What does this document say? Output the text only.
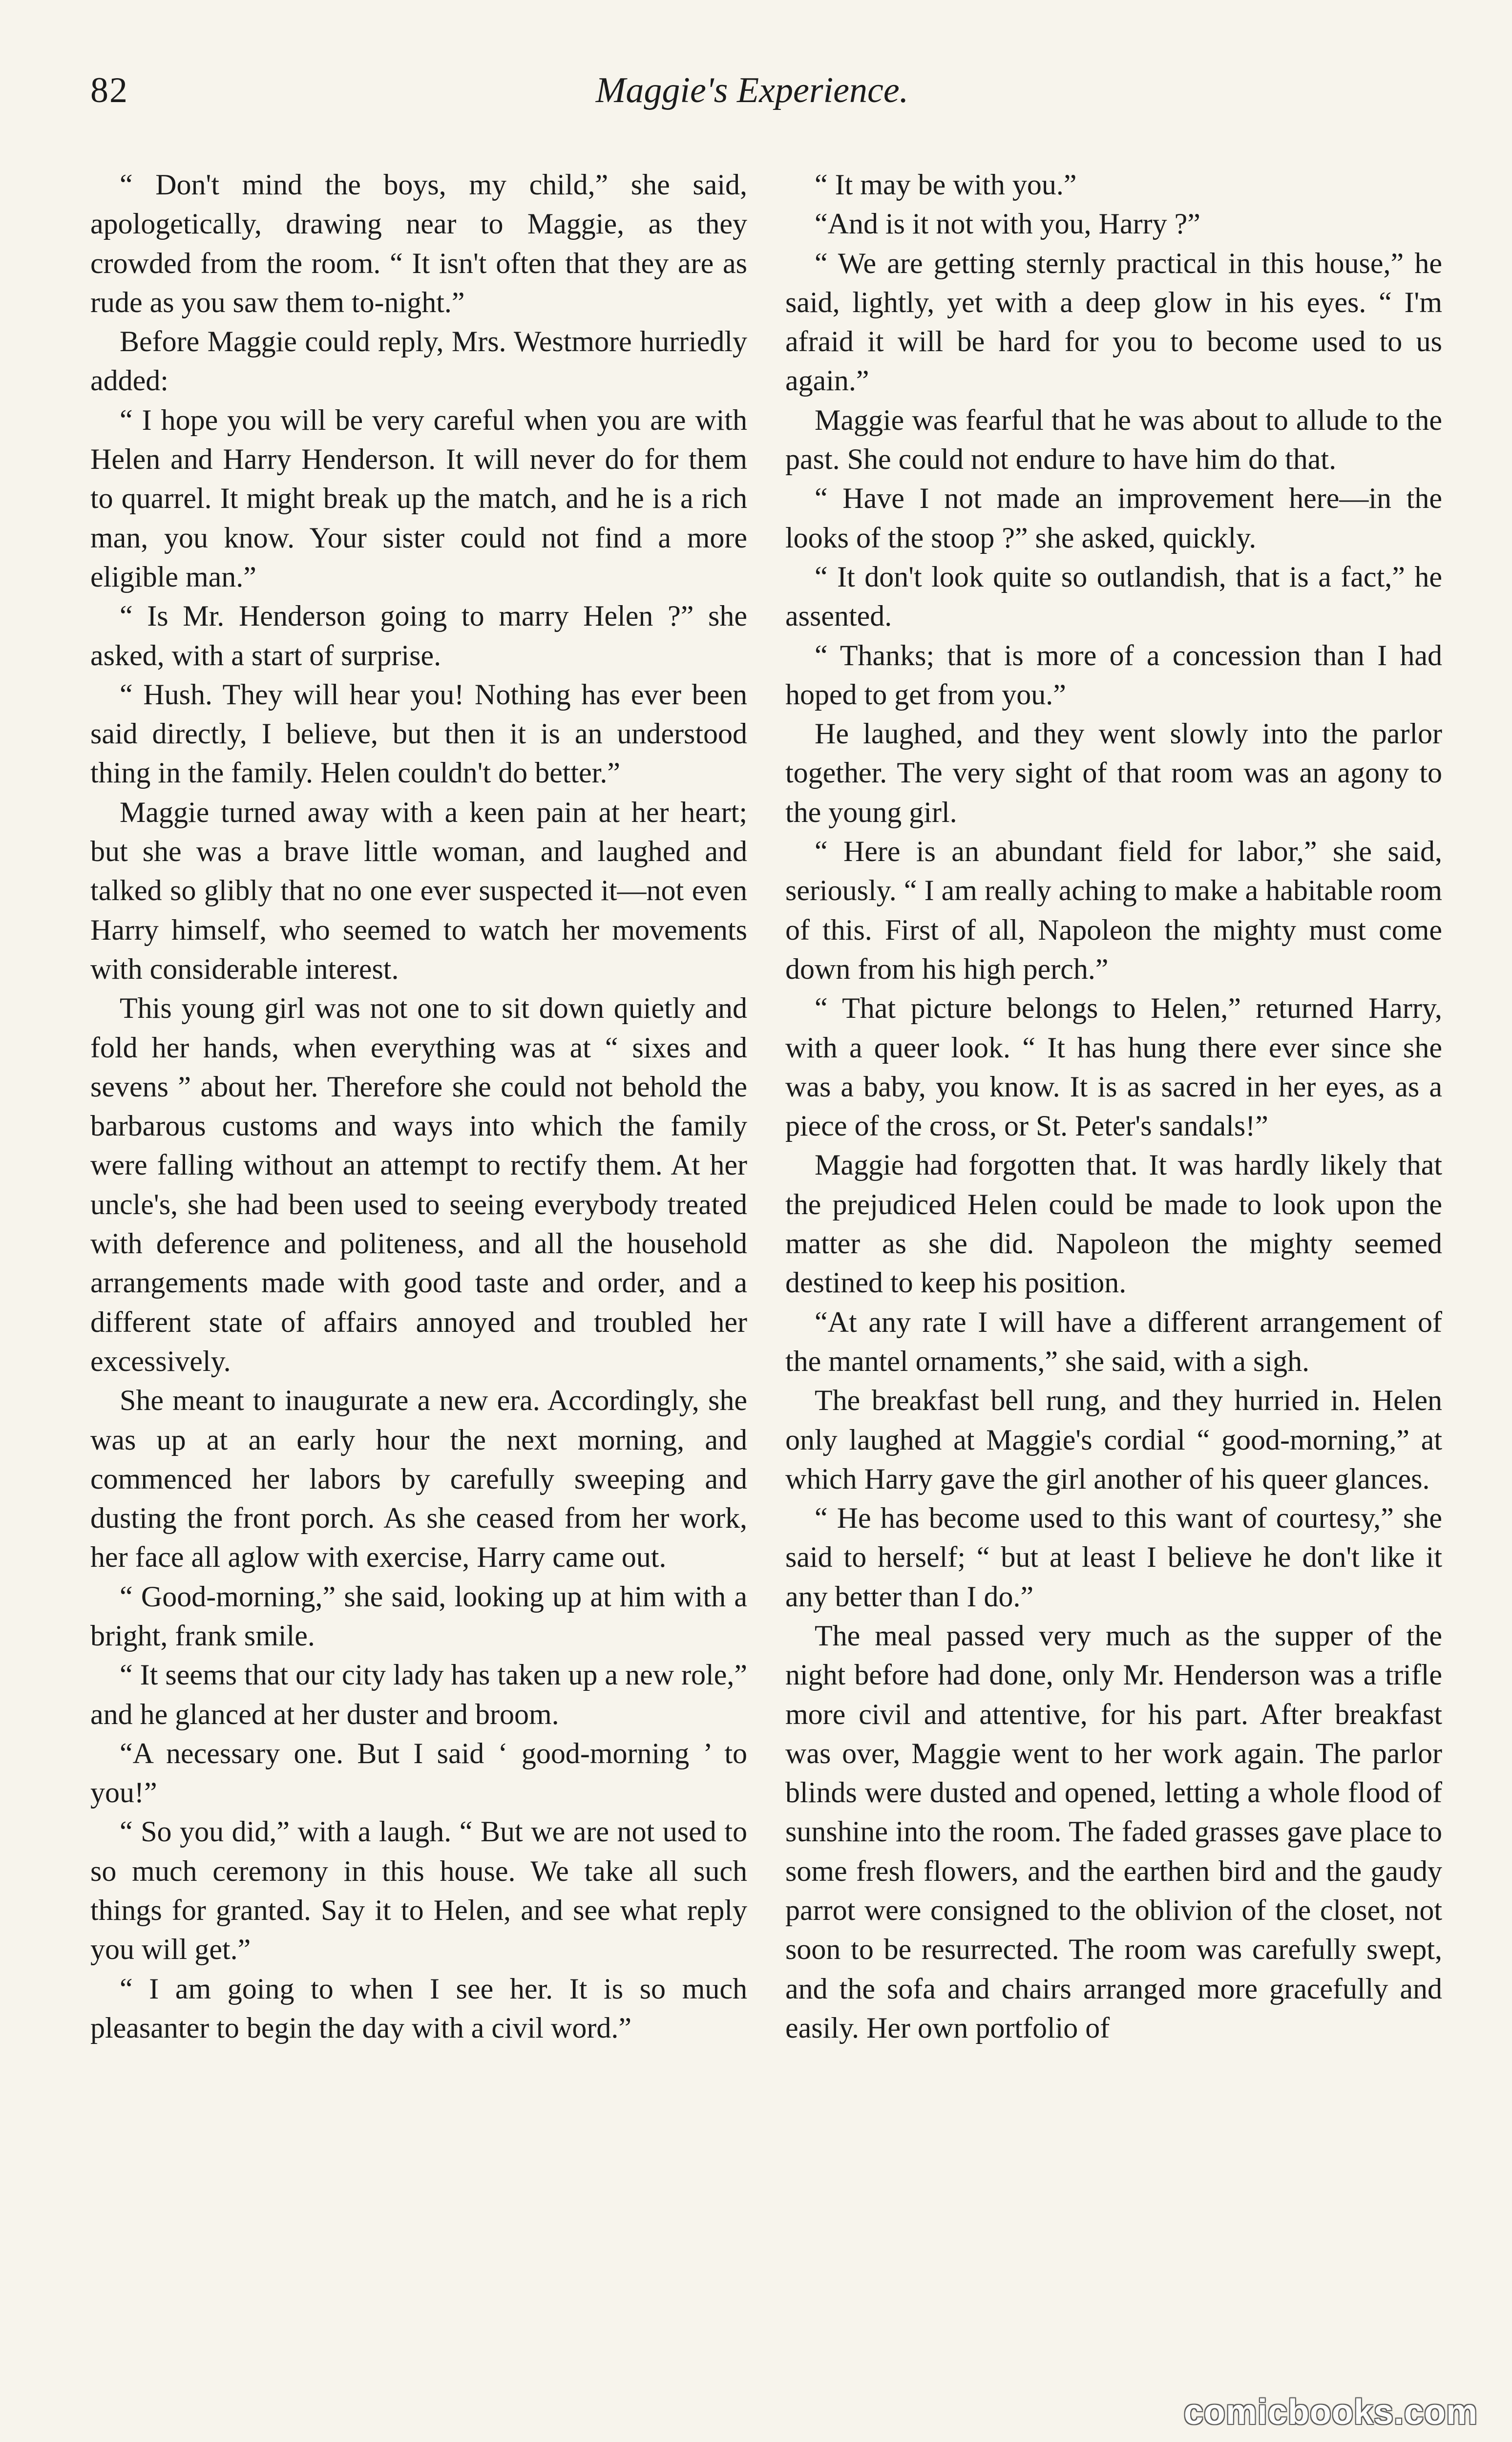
82	Maggie's Experience.

“ Don't mind the boys, my child,” she said, apologetically, drawing near to Maggie, as they crowded from the room. “ It isn't often that they are as rude as you saw them to-night.”

Before Maggie could reply, Mrs. Westmore hurriedly added:

“ I hope you will be very careful when you are with Helen and Harry Henderson. It will never do for them to quarrel. It might break up the match, and he is a rich man, you know. Your sister could not find a more eligible man.”

“ Is Mr. Henderson going to marry Helen ?” she asked, with a start of surprise.

“ Hush. They will hear you! Nothing has ever been said directly, I believe, but then it is an understood thing in the family. Helen couldn't do better.”

Maggie turned away with a keen pain at her heart; but she was a brave little woman, and laughed and talked so glibly that no one ever suspected it—not even Harry himself, who seemed to watch her movements with considerable interest.

This young girl was not one to sit down quietly and fold her hands, when everything was at “ sixes and sevens ” about her. Therefore she could not behold the barbarous customs and ways into which the family were falling without an attempt to rectify them. At her uncle's, she had been used to seeing everybody treated with deference and politeness, and all the household arrangements made with good taste and order, and a different state of affairs annoyed and troubled her excessively.

She meant to inaugurate a new era. Accordingly, she was up at an early hour the next morning, and commenced her labors by carefully sweeping and dusting the front porch. As she ceased from her work, her face all aglow with exercise, Harry came out.

“ Good-morning,” she said, looking up at him with a bright, frank smile.

“ It seems that our city lady has taken up a new role,” and he glanced at her duster and broom.

“A necessary one. But I said ‘ good-morning ’ to you!”

“ So you did,” with a laugh. “ But we are not used to so much ceremony in this house. We take all such things for granted. Say it to Helen, and see what reply you will get.”

“ I am going to when I see her. It is so much pleasanter to begin the day with a civil word.”

“ It may be with you.”

“And is it not with you, Harry ?”

“ We are getting sternly practical in this house,” he said, lightly, yet with a deep glow in his eyes. “ I'm afraid it will be hard for you to become used to us again.”

Maggie was fearful that he was about to allude to the past. She could not endure to have him do that.

“ Have I not made an improvement here—in the looks of the stoop ?” she asked, quickly.

“ It don't look quite so outlandish, that is a fact,” he assented.

“ Thanks; that is more of a concession than I had hoped to get from you.”

He laughed, and they went slowly into the parlor together. The very sight of that room was an agony to the young girl.

“ Here is an abundant field for labor,” she said, seriously. “ I am really aching to make a habitable room of this. First of all, Napoleon the mighty must come down from his high perch.”

“ That picture belongs to Helen,” returned Harry, with a queer look. “ It has hung there ever since she was a baby, you know. It is as sacred in her eyes, as a piece of the cross, or St. Peter's sandals!”

Maggie had forgotten that. It was hardly likely that the prejudiced Helen could be made to look upon the matter as she did. Napoleon the mighty seemed destined to keep his position.

“At any rate I will have a different arrangement of the mantel ornaments,” she said, with a sigh.

The breakfast bell rung, and they hurried in. Helen only laughed at Maggie's cordial “ good-morning,” at which Harry gave the girl another of his queer glances.

“ He has become used to this want of courtesy,” she said to herself; “ but at least I believe he don't like it any better than I do.”

The meal passed very much as the supper of the night before had done, only Mr. Henderson was a trifle more civil and attentive, for his part. After breakfast was over, Maggie went to her work again. The parlor blinds were dusted and opened, letting a whole flood of sunshine into the room. The faded grasses gave place to some fresh flowers, and the earthen bird and the gaudy parrot were consigned to the oblivion of the closet, not soon to be resurrected. The room was carefully swept, and the sofa and chairs arranged more gracefully and easily. Her own portfolio of

comicbooks.com
